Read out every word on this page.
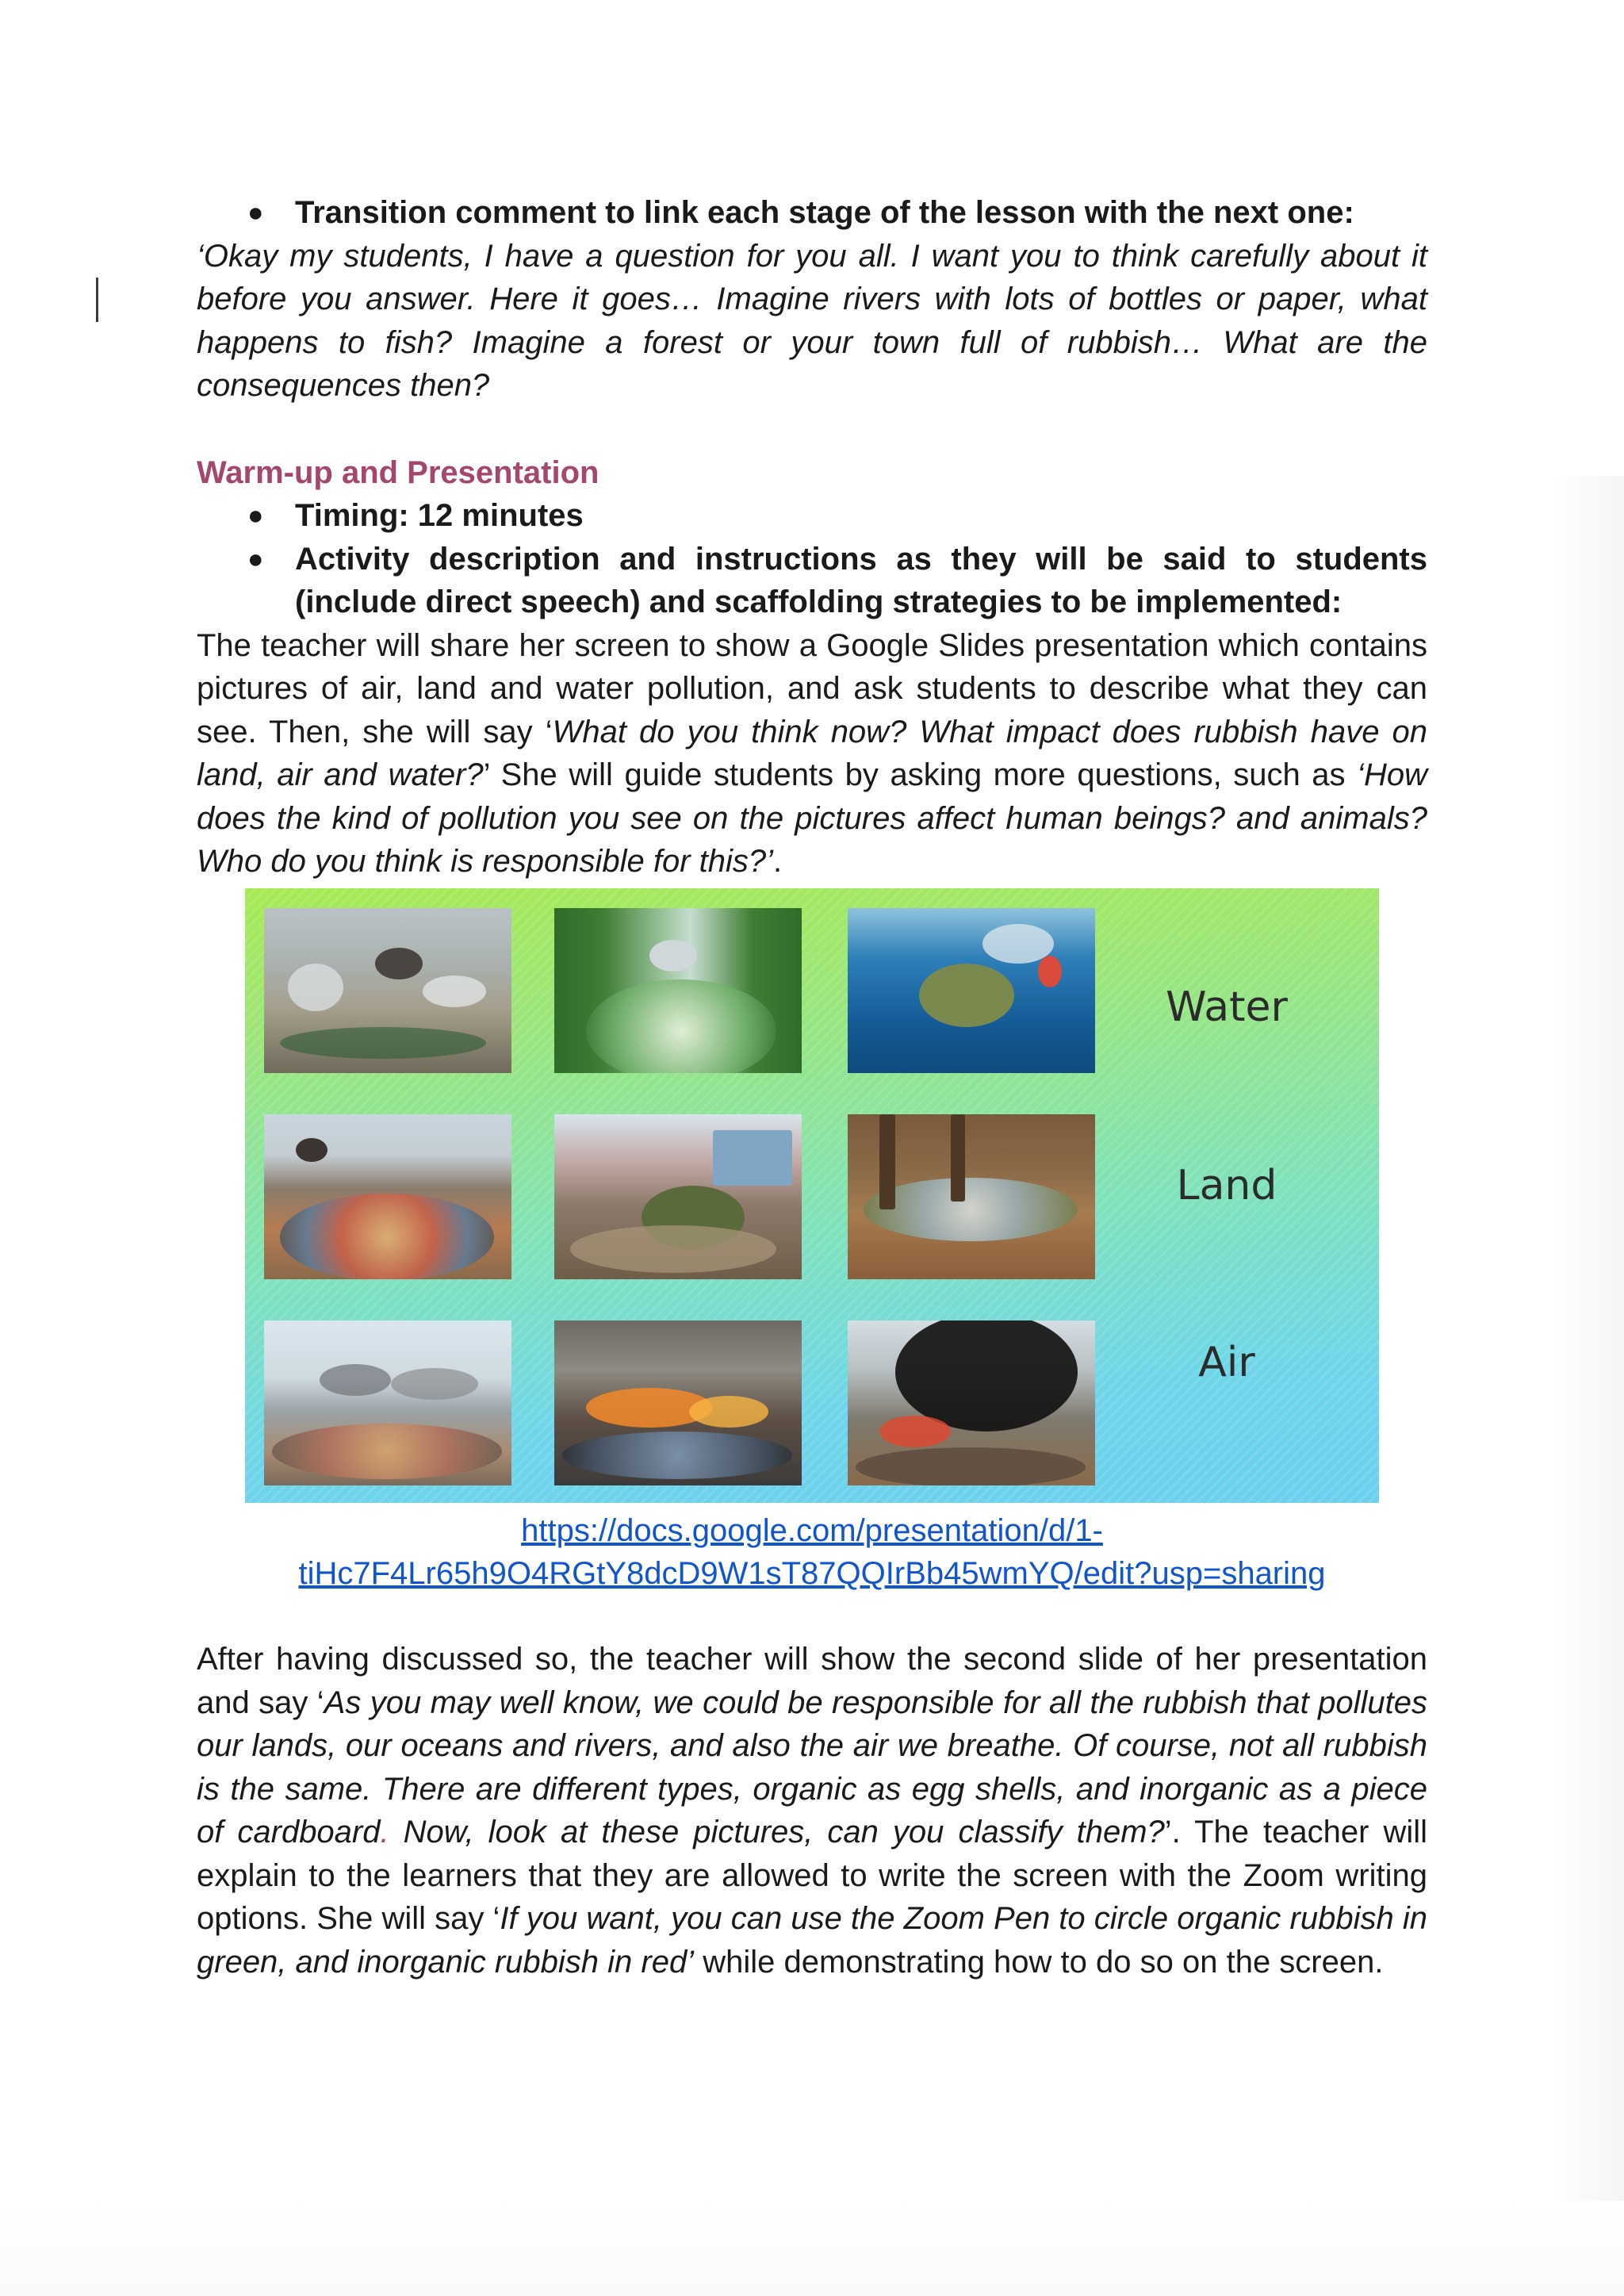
● Transition comment to link each stage of the lesson with the next one:
‘Okay my students, I have a question for you all. I want you to think carefully about it before you answer. Here it goes… Imagine rivers with lots of bottles or paper, what happens to fish? Imagine a forest or your town full of rubbish… What are the consequences then?
Warm-up and Presentation
● Timing: 12 minutes
● Activity description and instructions as they will be said to students (include direct speech) and scaffolding strategies to be implemented:
The teacher will share her screen to show a Google Slides presentation which contains pictures of air, land and water pollution, and ask students to describe what they can see. Then, she will say ‘What do you think now? What impact does rubbish have on land, air and water?’ She will guide students by asking more questions, such as ‘How does the kind of pollution you see on the pictures affect human beings? and animals? Who do you think is responsible for this?’.
Water
Land
Air
https://docs.google.com/presentation/d/1-
tiHc7F4Lr65h9O4RGtY8dcD9W1sT87QQIrBb45wmYQ/edit?usp=sharing
After having discussed so, the teacher will show the second slide of her presentation and say ‘As you may well know, we could be responsible for all the rubbish that pollutes our lands, our oceans and rivers, and also the air we breathe. Of course, not all rubbish is the same. There are different types, organic as egg shells, and inorganic as a piece of cardboard. Now, look at these pictures, can you classify them?’. The teacher will explain to the learners that they are allowed to write the screen with the Zoom writing options. She will say ‘If you want, you can use the Zoom Pen to circle organic rubbish in green, and inorganic rubbish in red’ while demonstrating how to do so on the screen.
